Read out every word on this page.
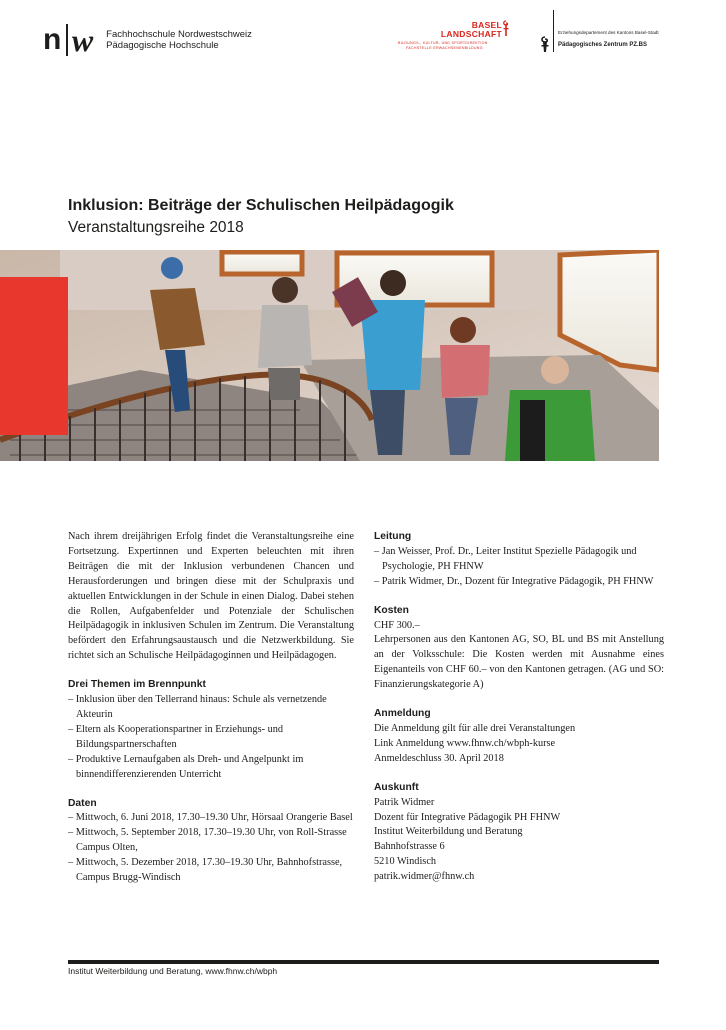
n w Fachhochschule Nordwestschweiz
Pädagogische Hochschule
BASEL
LANDSCHAFT
BILDUNGS-, KULTUR- UND SPORTDIREKTION
FACHSTELLE ERWACHSENENBILDUNG
Erziehungsdepartement des Kantons Basel-Stadt
Pädagogisches Zentrum PZ.BS
Inklusion: Beiträge der Schulischen Heilpädagogik
Veranstaltungsreihe 2018

Nach ihrem dreijährigen Erfolg findet die Veranstaltungsreihe eine Fortsetzung. Expertinnen und Experten beleuchten mit ihren Beiträgen die mit der Inklusion verbundenen Chancen und Herausforderungen und bringen diese mit der Schulpraxis und aktuellen Entwicklungen in der Schule in einen Dialog. Dabei stehen die Rollen, Aufgabenfelder und Potenziale der Schulischen Heilpädagogik in inklusiven Schulen im Zentrum. Die Veranstaltung befördert den Erfahrungsaustausch und die Netzwerkbildung. Sie richtet sich an Schulische Heilpädagoginnen und Heilpädagogen.

Drei Themen im Brennpunkt
– Inklusion über den Tellerrand hinaus: Schule als vernetzende Akteurin
– Eltern als Kooperationspartner in Erziehungs- und Bildungspartnerschaften
– Produktive Lernaufgaben als Dreh- und Angelpunkt im binnendifferenzierenden Unterricht
Daten
– Mittwoch, 6. Juni 2018, 17.30–19.30 Uhr, Hörsaal Orangerie Basel
– Mittwoch, 5. September 2018, 17.30–19.30 Uhr, von Roll-Strasse Campus Olten,
– Mittwoch, 5. Dezember 2018, 17.30–19.30 Uhr, Bahnhofstrasse, Campus Brugg-Windisch
Leitung
– Jan Weisser, Prof. Dr., Leiter Institut Spezielle Pädagogik und Psychologie, PH FHNW
– Patrik Widmer, Dr., Dozent für Integrative Pädagogik, PH FHNW
Kosten
CHF 300.–

Lehrpersonen aus den Kantonen AG, SO, BL und BS mit Anstellung an der Volksschule: Die Kosten werden mit Ausnahme eines Eigenanteils von CHF 60.– von den Kantonen getragen. (AG und SO: Finanzierungskategorie A)

Anmeldung
Die Anmeldung gilt für alle drei Veranstaltungen
Link Anmeldung www.fhnw.ch/wbph-kurse
Anmeldeschluss 30. April 2018
Auskunft
Patrik Widmer
Dozent für Integrative Pädagogik PH FHNW
Institut Weiterbildung und Beratung
Bahnhofstrasse 6
5210 Windisch
patrik.widmer@fhnw.ch
Institut Weiterbildung und Beratung, www.fhnw.ch/wbph
